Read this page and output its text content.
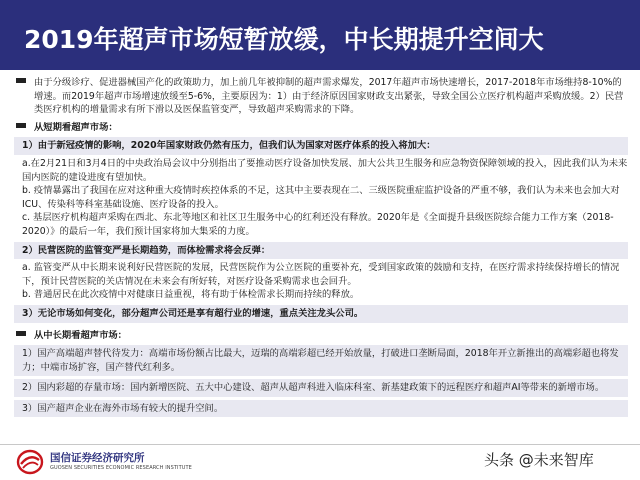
2019年超声市场短暂放缓，中长期提升空间大
由于分级诊疗、促进器械国产化的政策助力，加上前几年被抑制的超声需求爆发，2017年超声市场快速增长，2017-2018年市场维持8-10%的增速。而2019年超声市场增速放缓至5-6%，主要原因为：1）由于经济原因国家财政支出紧张，导致全国公立医疗机构超声采购放缓。2）民营类医疗机构的增量需求有所下滑以及医保监管变严，导致超声采购需求的下降。
从短期看超声市场：
1）由于新冠疫情的影响，2020年国家财政仍然有压力，但我们认为国家对医疗体系的投入将加大：
a.在2月21日和3月4日的中央政治局会议中分别指出了要推动医疗设备加快发展、加大公共卫生服务和应急物资保障领域的投入，因此我们认为未来国内医院的建设进度有望加快。
b. 疫情暴露出了我国在应对这种重大疫情时疾控体系的不足，这其中主要表现在二、三级医院重症监护设备的严重不够，我们认为未来也会加大对ICU、传染科等科室基础设施、医疗设备的投入。
c. 基层医疗机构超声采购在西北、东北等地区和社区卫生服务中心的红利还没有释放。2020年是《全面提升县级医院综合能力工作方案（2018-2020）》的最后一年，我们预计国家将加大集采的力度。
2）民营医院的监管变严是长期趋势，而体检需求将会反弹：
a. 监管变严从中长期来说利好民营医院的发展，民营医院作为公立医院的重要补充，受到国家政策的鼓励和支持，在医疗需求持续保持增长的情况下，预计民营医院的关店情况在未来会有所好转，对医疗设备采购需求也会回升。
b. 普通居民在此次疫情中对健康日益重视，将有助于体检需求长期而持续的释放。
3）无论市场如何变化，部分超声公司还是享有超行业的增速，重点关注龙头公司。
从中长期看超声市场：
1）国产高端超声替代待发力：高端市场份额占比最大，迈瑞的高端彩超已经开始放量，打破进口垄断局面，2018年开立新推出的高端彩超也将发力；中端市场扩容，国产替代红利多。
2）国内彩超的存量市场：国内新增医院、五大中心建设、超声从超声科进入临床科室、新基建政策下的远程医疗和超声AI等带来的新增市场。
3）国产超声企业在海外市场有较大的提升空间。
国信证券经济研究所
GUOSEN SECURITIES ECONOMIC RESEARCH INSTITUTE	头条 @未来智库
